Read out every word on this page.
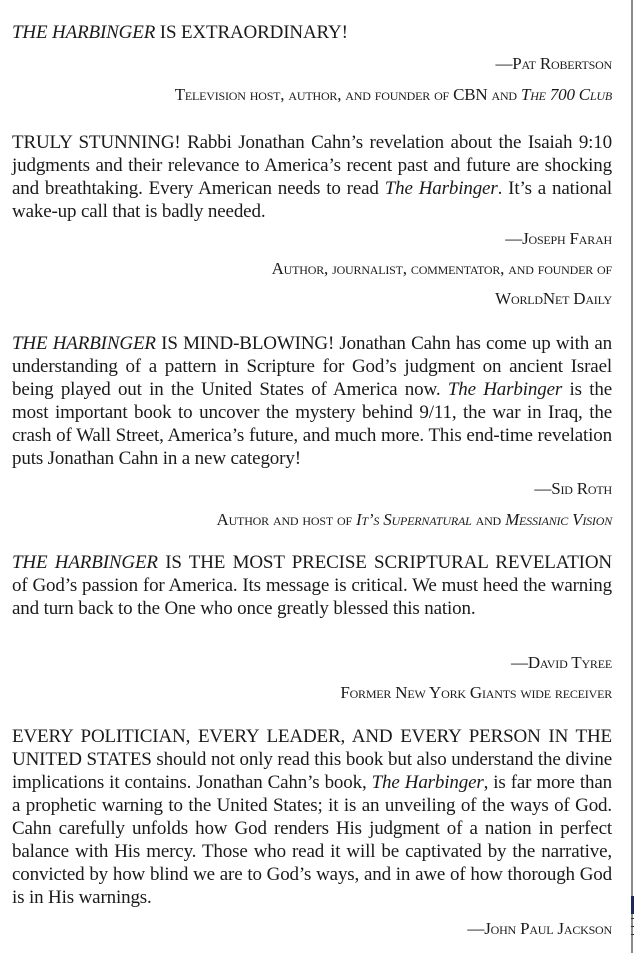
THE HARBINGER IS EXTRAORDINARY!

—Pat Robertson

Television host, author, and founder of CBN and The 700 Club

TRULY STUNNING! Rabbi Jonathan Cahn’s revelation about the Isaiah 9:10 judgments and their relevance to America’s recent past and future are shocking and breathtaking. Every American needs to read The Harbinger. It’s a national wake-up call that is badly needed.

—Joseph Farah

Author, journalist, commentator, and founder of

WorldNet Daily

THE HARBINGER IS MIND-BLOWING! Jonathan Cahn has come up with an understanding of a pattern in Scripture for God’s judgment on ancient Israel being played out in the United States of America now. The Harbinger is the most important book to uncover the mystery behind 9/11, the war in Iraq, the crash of Wall Street, America’s future, and much more. This end-time revelation puts Jonathan Cahn in a new category!

—Sid Roth

Author and host of It’s Supernatural and Messianic Vision

THE HARBINGER IS THE MOST PRECISE SCRIPTURAL REVELATION of God’s passion for America. Its message is critical. We must heed the warning and turn back to the One who once greatly blessed this nation.

—David Tyree

Former New York Giants wide receiver

EVERY POLITICIAN, EVERY LEADER, AND EVERY PERSON IN THE UNITED STATES should not only read this book but also understand the divine implications it contains. Jonathan Cahn’s book, The Harbinger, is far more than a prophetic warning to the United States; it is an unveiling of the ways of God. Cahn carefully unfolds how God renders His judgment of a nation in perfect balance with His mercy. Those who read it will be captivated by the narrative, convicted by how blind we are to God’s ways, and in awe of how thorough God is in His warnings.

—John Paul Jackson
